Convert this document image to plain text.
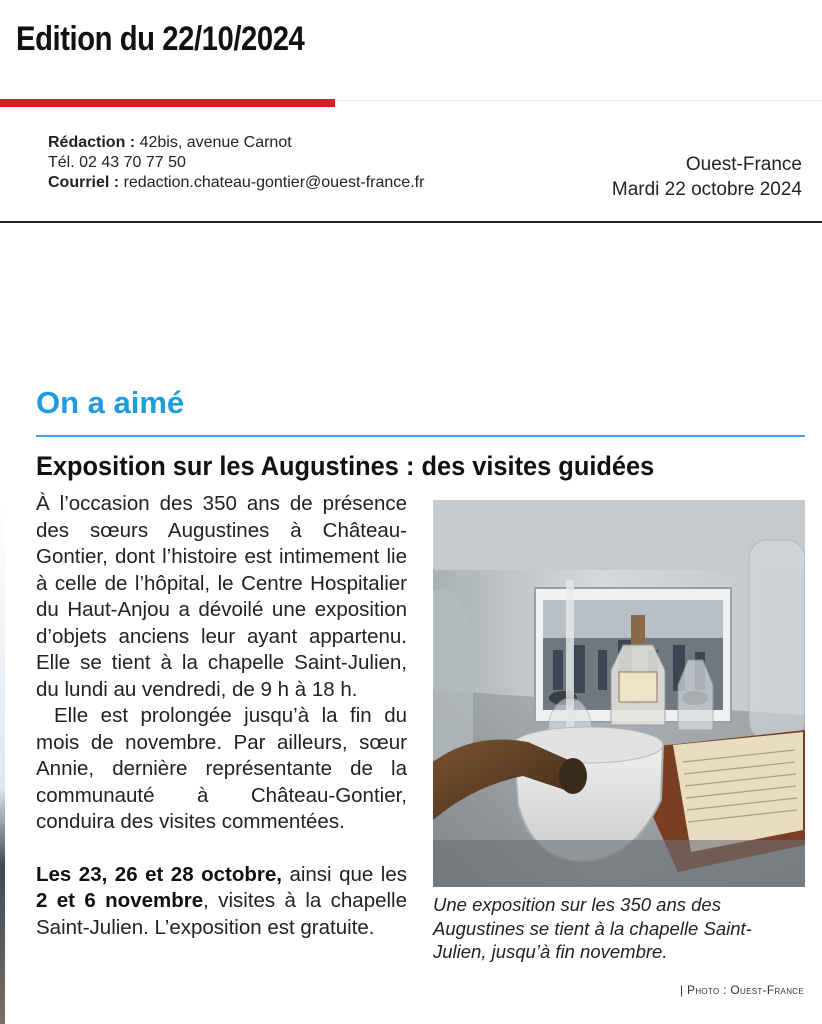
Edition du 22/10/2024
Rédaction : 42bis, avenue Carnot
Tél. 02 43 70 77 50
Courriel : redaction.chateau-gontier@ouest-france.fr
Ouest-France
Mardi 22 octobre 2024
On a aimé
Exposition sur les Augustines : des visites guidées

À l’occasion des 350 ans de présence des sœurs Augustines à Château-Gontier, dont l’histoire est intimement lie à celle de l’hôpital, le Centre Hospitalier du Haut-Anjou a dévoilé une exposition d’objets anciens leur ayant appartenu. Elle se tient à la chapelle Saint-Julien, du lundi au vendredi, de 9 h à 18 h.

Elle est prolongée jusqu’à la fin du mois de novembre. Par ailleurs, sœur Annie, dernière représentante de la communauté à Château-Gontier, conduira des visites commentées.

Les 23, 26 et 28 octobre, ainsi que les 2 et 6 novembre, visites à la chapelle Saint-Julien. L’exposition est gratuite.

Une exposition sur les 350 ans des Augustines se tient à la chapelle Saint-Julien, jusqu’à fin novembre.
| Photo : Ouest-France
